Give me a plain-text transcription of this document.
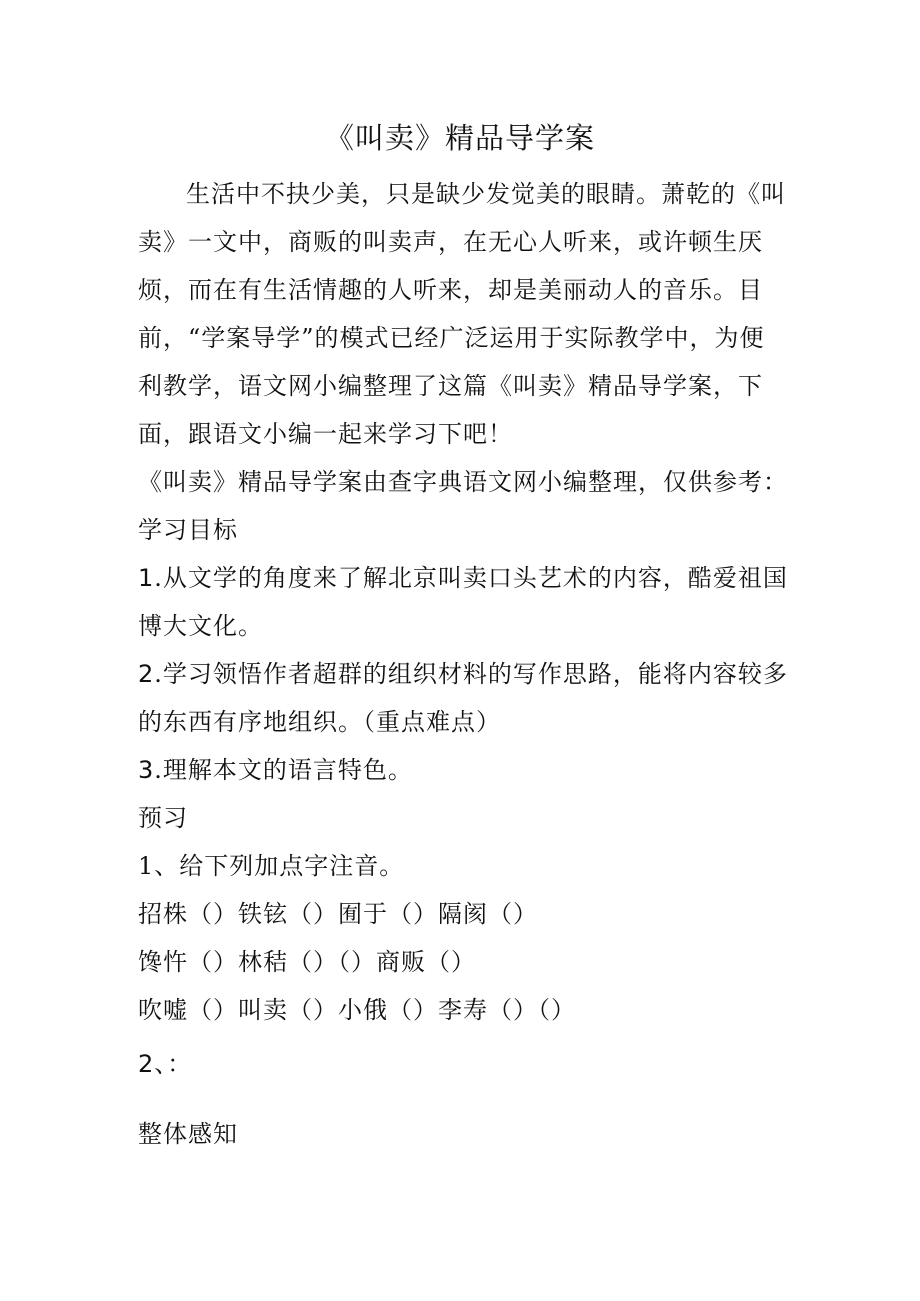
《叫卖》精品导学案

生活中不抉少美，只是缺少发觉美的眼睛。萧乾的《叫卖》一文中，商贩的叫卖声，在无心人听来，或许顿生厌烦，而在有生活情趣的人听来，却是美丽动人的音乐。目前，“学案导学”的模式已经广泛运用于实际教学中，为便利教学，语文网小编整理了这篇《叫卖》精品导学案，下面，跟语文小编一起来学习下吧！

《叫卖》精品导学案由查字典语文网小编整理，仅供参考：学习目标

1.从文学的角度来了解北京叫卖口头艺术的内容，酷爱祖国博大文化。

2.学习领悟作者超群的组织材料的写作思路，能将内容较多的东西有序地组织。（重点难点）

3.理解本文的语言特色。

预习

1、给下列加点字注音。

招株（）铁铉（）囿于（）隔阂（）

馋忤（）林秸（）（）商贩（）

吹嘘（）叫卖（）小俄（）李寿（）（）

2、：

整体感知
